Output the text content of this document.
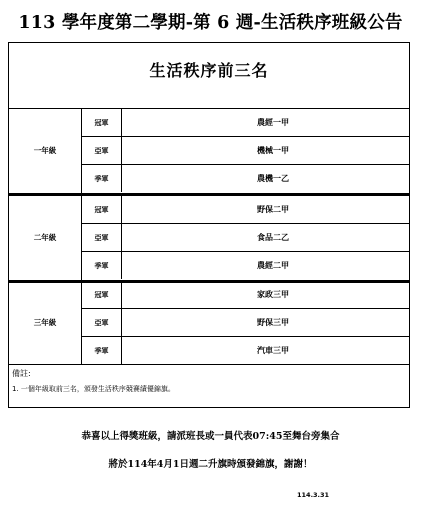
113 學年度第二學期-第 6 週-生活秩序班級公告
生活秩序前三名
一年級
冠軍	農經一甲
亞軍	機械一甲
季軍	農機一乙
二年級
冠軍	野保二甲
亞軍	食品二乙
季軍	農經二甲
三年級
冠軍	家政三甲
亞軍	野保三甲
季軍	汽車三甲
備註:
1. 一個年級取前三名，頒發生活秩序競賽績優錦旗。
恭喜以上得獎班級，請派班長或一員代表07:45至舞台旁集合
將於114年4月1日週二升旗時頒發錦旗，謝謝！
114.3.31
